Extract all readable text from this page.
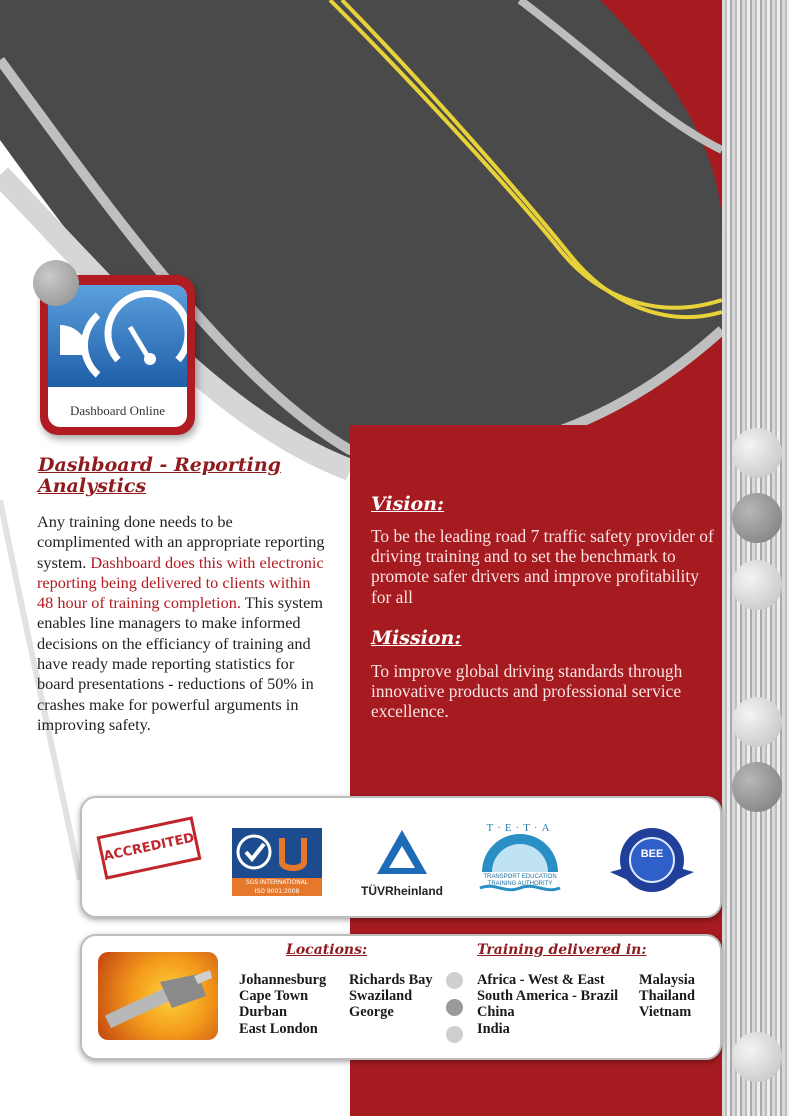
Dashboard Online
Dashboard - Reporting
Analystics
Any training done needs to be complimented with an appropriate reporting system. Dashboard does this with electronic reporting being delivered to clients within 48 hour of training completion. This system enables line managers to make informed decisions on the efficiancy of training and have ready made reporting statistics for board presentations - reductions of 50% in crashes make for powerful arguments in improving safety.
Vision:
To be the leading road 7 traffic safety provider of driving training and to set the benchmark to promote safer drivers and improve profitability for all
Mission:
To improve global driving standards through innovative products and professional service excellence.
ACCREDITED
SGS INTERNATIONAL
ISO 9001:2008	TÜVRheinland
T·E·T·A
TRANSPORT EDUCATION TRAINING AUTHORITY
BEE
Locations:
Johannesburg
Cape Town
Durban
East London
Richards Bay
Swaziland
George
Training delivered in:
Africa - West & East
South America - Brazil
China
India
Malaysia
Thailand
Vietnam
